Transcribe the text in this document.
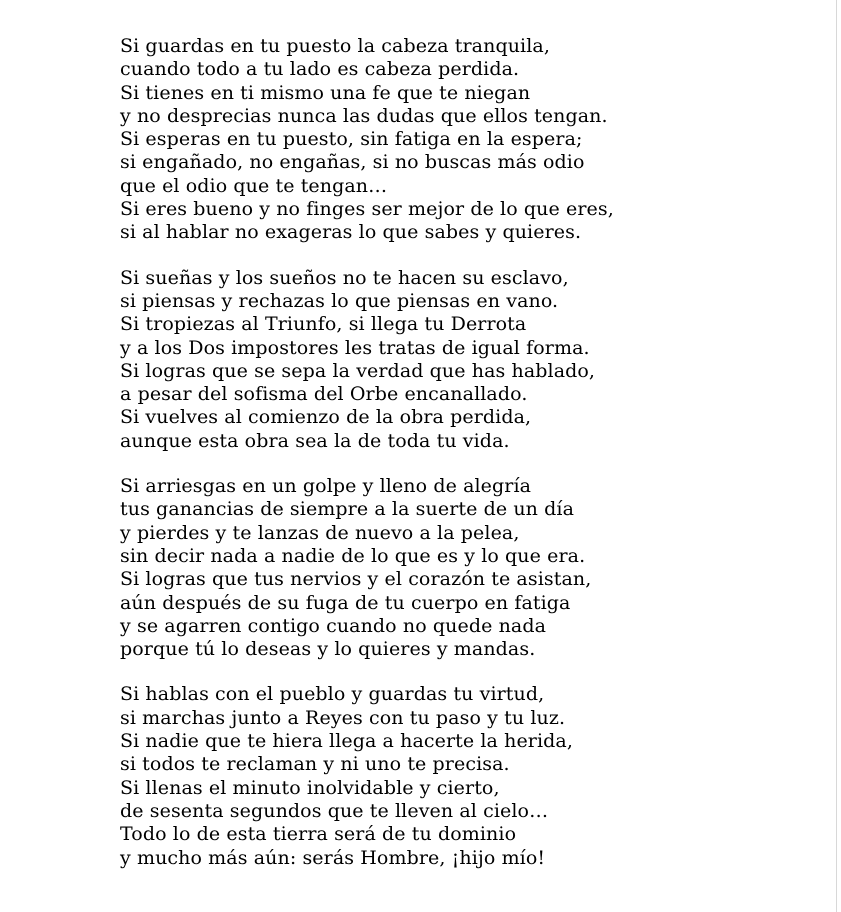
Si guardas en tu puesto la cabeza tranquila,
cuando todo a tu lado es cabeza perdida.
Si tienes en ti mismo una fe que te niegan
y no desprecias nunca las dudas que ellos tengan.
Si esperas en tu puesto, sin fatiga en la espera;
si engañado, no engañas, si no buscas más odio
que el odio que te tengan…
Si eres bueno y no finges ser mejor de lo que eres,
si al hablar no exageras lo que sabes y quieres.
Si sueñas y los sueños no te hacen su esclavo,
si piensas y rechazas lo que piensas en vano.
Si tropiezas al Triunfo, si llega tu Derrota
y a los Dos impostores les tratas de igual forma.
Si logras que se sepa la verdad que has hablado,
a pesar del sofisma del Orbe encanallado.
Si vuelves al comienzo de la obra perdida,
aunque esta obra sea la de toda tu vida.
Si arriesgas en un golpe y lleno de alegría
tus ganancias de siempre a la suerte de un día
y pierdes y te lanzas de nuevo a la pelea,
sin decir nada a nadie de lo que es y lo que era.
Si logras que tus nervios y el corazón te asistan,
aún después de su fuga de tu cuerpo en fatiga
y se agarren contigo cuando no quede nada
porque tú lo deseas y lo quieres y mandas.
Si hablas con el pueblo y guardas tu virtud,
si marchas junto a Reyes con tu paso y tu luz.
Si nadie que te hiera llega a hacerte la herida,
si todos te reclaman y ni uno te precisa.
Si llenas el minuto inolvidable y cierto,
de sesenta segundos que te lleven al cielo…
Todo lo de esta tierra será de tu dominio
y mucho más aún: serás Hombre, ¡hijo mío!
